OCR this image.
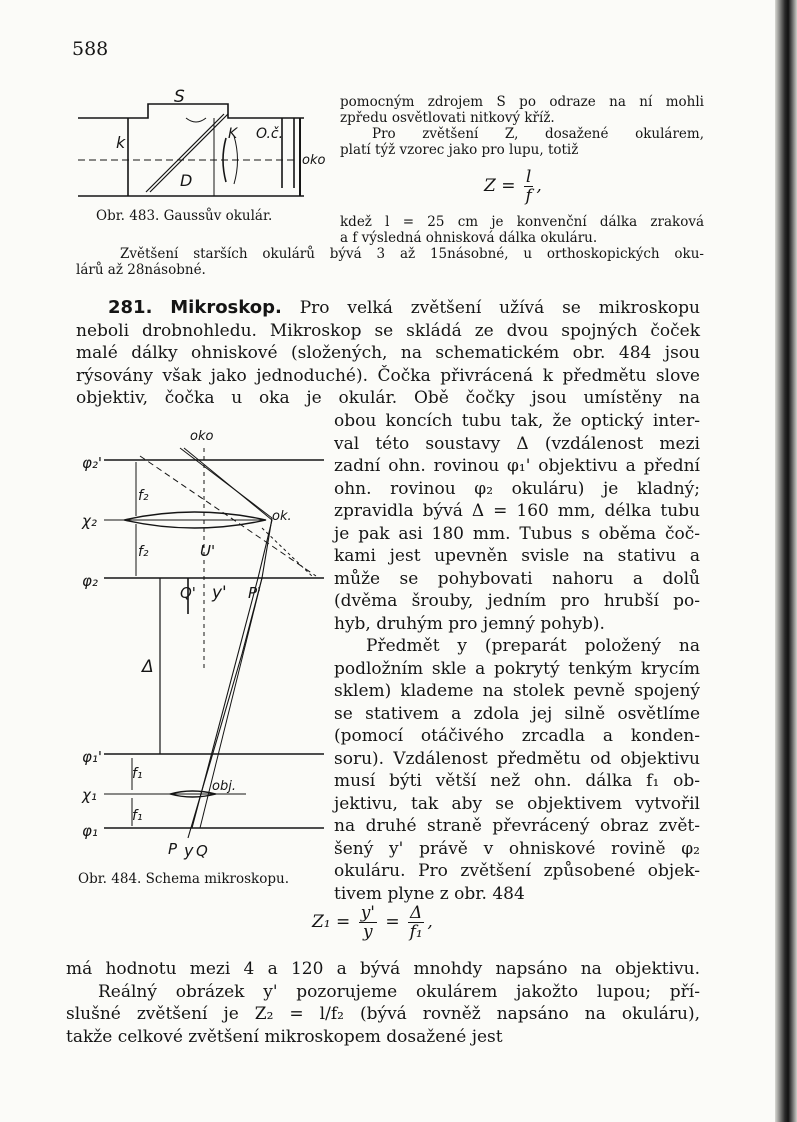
588
S
k	K O.č.
oko
D
Obr. 483. Gaussův okulár.
pomocným zdrojem S po odraze na ní mohli
zpředu osvětlovati nitkový kříž.
Pro zvětšení Z, dosažené okulárem,
platí týž vzorec jako pro lupu, totiž
$Z = \frac{l}{f}$ ,
kdež l = 25 cm je konvenční dálka zraková
a f výsledná ohnisková dálka okuláru.
Zvětšení starších okulárů bývá 3 až 15násobné, u orthoskopických oku-
lárů až 28násobné.
281. Mikroskop. Pro velká zvětšení užívá se mikroskopu
neboli drobnohledu. Mikroskop se skládá ze dvou spojných čoček
malé dálky ohniskové (složených, na schematickém obr. 484 jsou
rýsovány však jako jednoduché). Čočka přivrácená k předmětu slove
objektiv, čočka u oka je okulár. Obě čočky jsou umístěny na
oko
φ₂'
f₂
χ₂	ok.
f₂	U'
φ₂
Q' y' P'
Δ
φ₁'
f₁
χ₁	obj.
f₁
φ₁
P y Q
Obr. 484. Schema mikroskopu.
obou koncích tubu tak, že optický inter-
val této soustavy Δ (vzdálenost mezi
zadní ohn. rovinou φ₁' objektivu a přední
ohn. rovinou φ₂ okuláru) je kladný;
zpravidla bývá Δ = 160 mm, délka tubu
je pak asi 180 mm. Tubus s oběma čoč-
kami jest upevněn svisle na stativu a
může se pohybovati nahoru a dolů
(dvěma šrouby, jedním pro hrubší po-
hyb, druhým pro jemný pohyb).
Předmět y (preparát položený na
podložním skle a pokrytý tenkým krycím
sklem) klademe na stolek pevně spojený
se stativem a zdola jej silně osvětlíme
(pomocí otáčivého zrcadla a konden-
soru). Vzdálenost předmětu od objektivu
musí býti větší než ohn. dálka f₁ ob-
jektivu, tak aby se objektivem vytvořil
na druhé straně převrácený obraz zvět-
šený y' právě v ohniskové rovině φ₂
okuláru. Pro zvětšení způsobené objek-
tivem plyne z obr. 484
$Z_1 = \frac{y'}{y} = \frac{\Delta}{\text{f₁}}$ ,
má hodnotu mezi 4 a 120 a bývá mnohdy napsáno na objektivu.
Reálný obrázek y' pozorujeme okulárem jakožto lupou; pří-
slušné zvětšení je Z₂ = l/f₂ (bývá rovněž napsáno na okuláru),
takže celkové zvětšení mikroskopem dosažené jest
